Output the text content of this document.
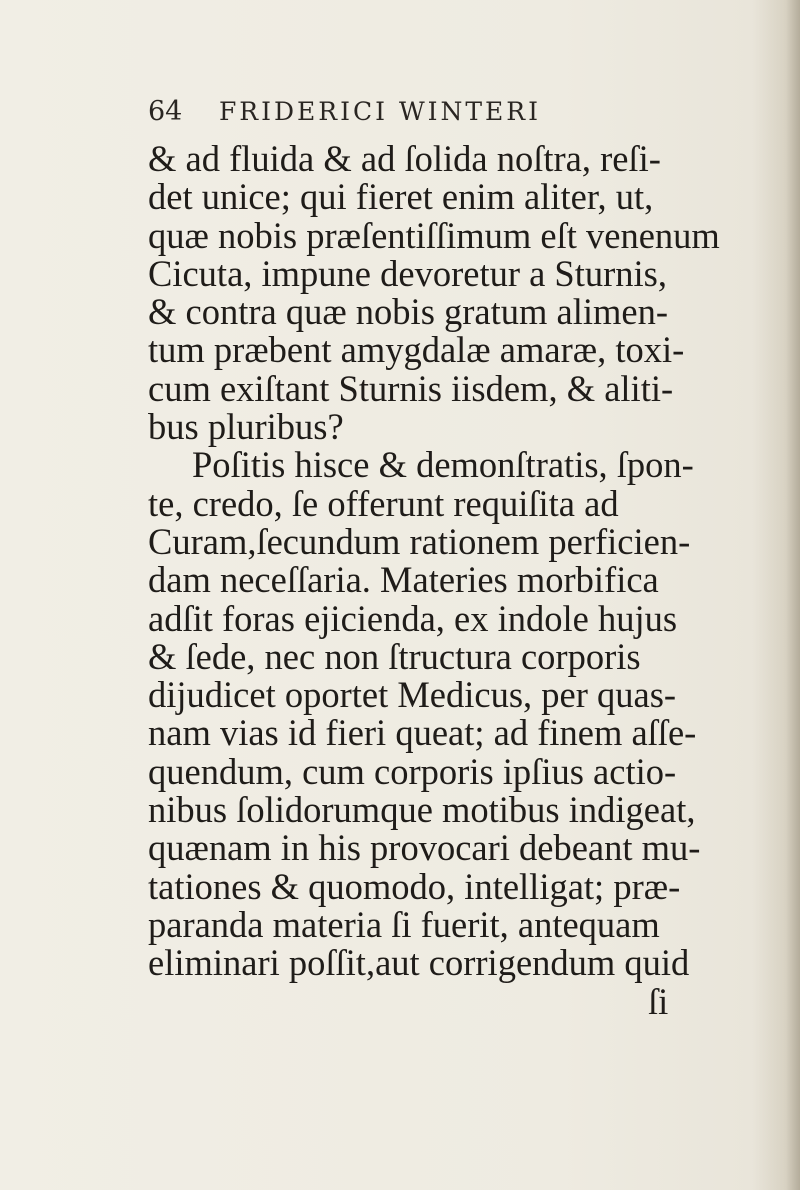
64 FRIDERICI WINTERI
& ad fluida & ad ſolida noſtra, reſi-
det unice; qui fieret enim aliter, ut,
quæ nobis præſentiſſimum eſt venenum
Cicuta, impune devoretur a Sturnis,
& contra quæ nobis gratum alimen-
tum præbent amygdalæ amaræ, toxi-
cum exiſtant Sturnis iisdem, & aliti-
bus pluribus?
Poſitis hisce & demonſtratis, ſpon-
te, credo, ſe offerunt requiſita ad
Curam,ſecundum rationem perficien-
dam neceſſaria. Materies morbifica
adſit foras ejicienda, ex indole hujus
& ſede, nec non ſtructura corporis
dijudicet oportet Medicus, per quas-
nam vias id fieri queat; ad finem aſſe-
quendum, cum corporis ipſius actio-
nibus ſolidorumque motibus indigeat,
quænam in his provocari debeant mu-
tationes & quomodo, intelligat; præ-
paranda materia ſi fuerit, antequam
eliminari poſſit,aut corrigendum quid
ſi
